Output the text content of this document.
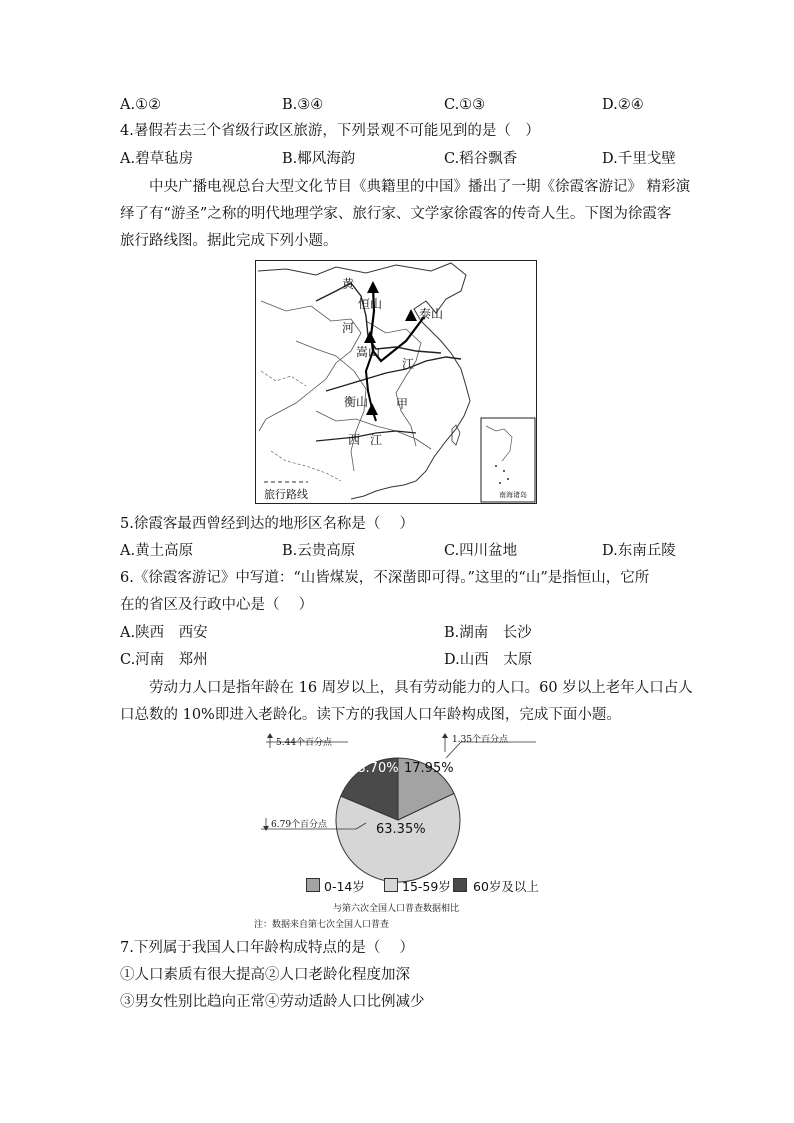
A.①②	B.③④	C.①③	D.②④
4.暑假若去三个省级行政区旅游，下列景观不可能见到的是（　）
A.碧草毡房	B.椰风海韵	C.稻谷飘香	D.千里戈壁
中央广播电视总台大型文化节目《典籍里的中国》播出了一期《徐霞客游记》 精彩演
绎了有“游圣”之称的明代地理学家、旅行家、文学家徐霞客的传奇人生。下图为徐霞客
旅行路线图。据此完成下列小题。
黄
河
恒山
泰山
嵩山
江
衡山 甲
西 江
旅行路线	南海诸岛
5.徐霞客最西曾经到达的地形区名称是（　 ）
A.黄土高原	B.云贵高原	C.四川盆地	D.东南丘陵
6.《徐霞客游记》中写道：“山皆煤炭，不深凿即可得。”这里的“山”是指恒山，它所
在的省区及行政中心是（　 ）
A.陕西　西安	B.湖南　长沙
C.河南　郑州	D.山西　太原
劳动力人口是指年龄在 16 周岁以上，具有劳动能力的人口。60 岁以上老年人口占人
口总数的 10%即进入老龄化。读下方的我国人口年龄构成图，完成下面小题。
5.44个百分点	1.35个百分点
6.79个百分点
18.70% 17.95%
63.35%
0-14岁	15-59岁 60岁及以上
与第六次全国人口普查数据相比
注：数据来自第七次全国人口普查
7.下列属于我国人口年龄构成特点的是（　 ）
①人口素质有很大提高②人口老龄化程度加深
③男女性别比趋向正常④劳动适龄人口比例减少
